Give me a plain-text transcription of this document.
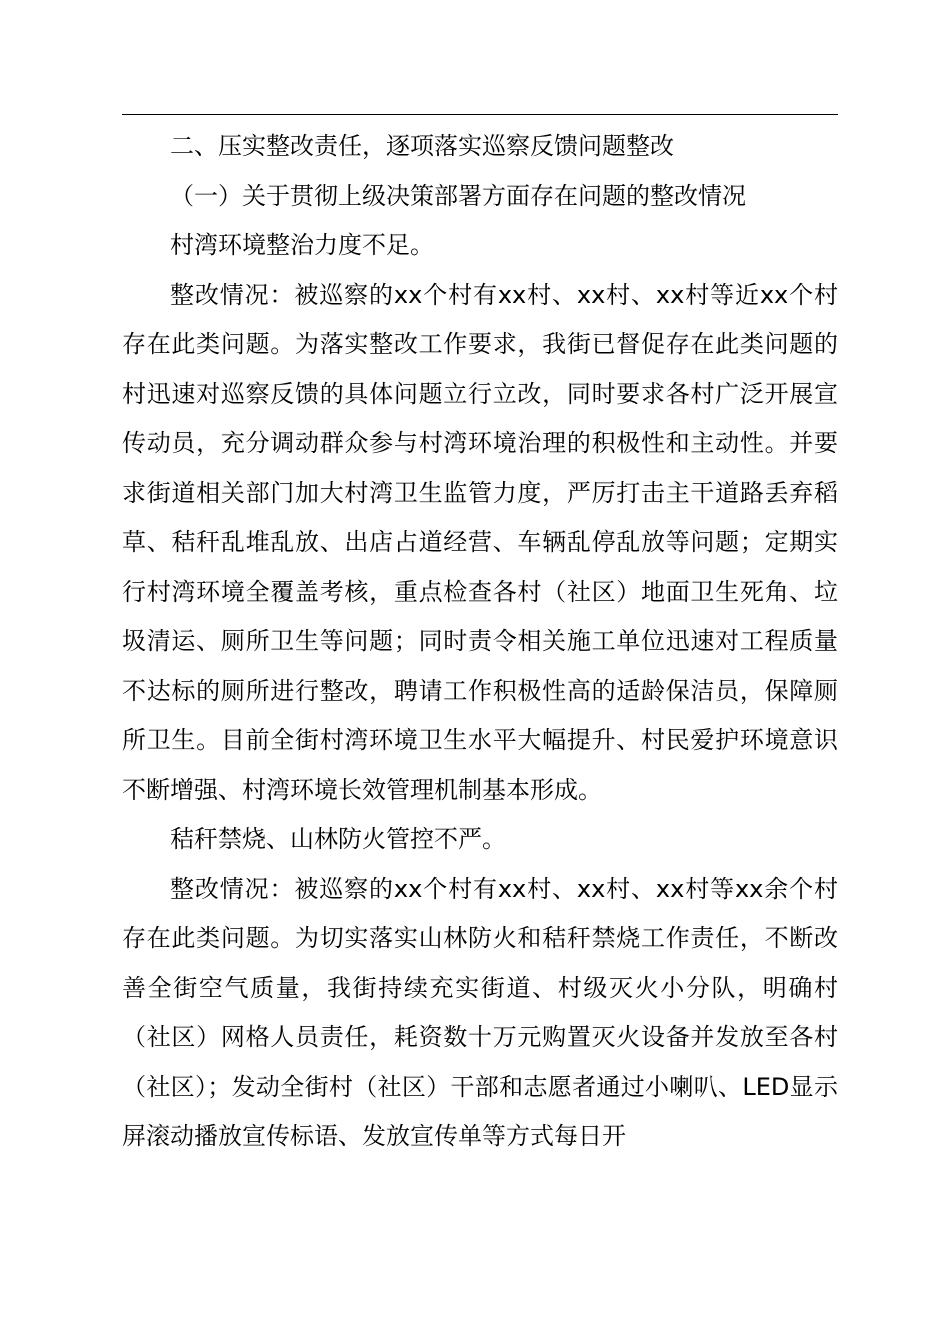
二、压实整改责任，逐项落实巡察反馈问题整改

（一）关于贯彻上级决策部署方面存在问题的整改情况

村湾环境整治力度不足。

整改情况：被巡察的xx个村有xx村、xx村、xx村等近xx个村存在此类问题。为落实整改工作要求，我街已督促存在此类问题的村迅速对巡察反馈的具体问题立行立改，同时要求各村广泛开展宣传动员，充分调动群众参与村湾环境治理的积极性和主动性。并要求街道相关部门加大村湾卫生监管力度，严厉打击主干道路丢弃稻草、秸秆乱堆乱放、出店占道经营、车辆乱停乱放等问题；定期实行村湾环境全覆盖考核，重点检查各村（社区）地面卫生死角、垃圾清运、厕所卫生等问题；同时责令相关施工单位迅速对工程质量不达标的厕所进行整改，聘请工作积极性高的适龄保洁员，保障厕所卫生。目前全街村湾环境卫生水平大幅提升、村民爱护环境意识不断增强、村湾环境长效管理机制基本形成。

秸秆禁烧、山林防火管控不严。

整改情况：被巡察的xx个村有xx村、xx村、xx村等xx余个村存在此类问题。为切实落实山林防火和秸秆禁烧工作责任，不断改善全街空气质量，我街持续充实街道、村级灭火小分队，明确村（社区）网格人员责任，耗资数十万元购置灭火设备并发放至各村（社区）；发动全街村（社区）干部和志愿者通过小喇叭、LED显示屏滚动播放宣传标语、发放宣传单等方式每日开
